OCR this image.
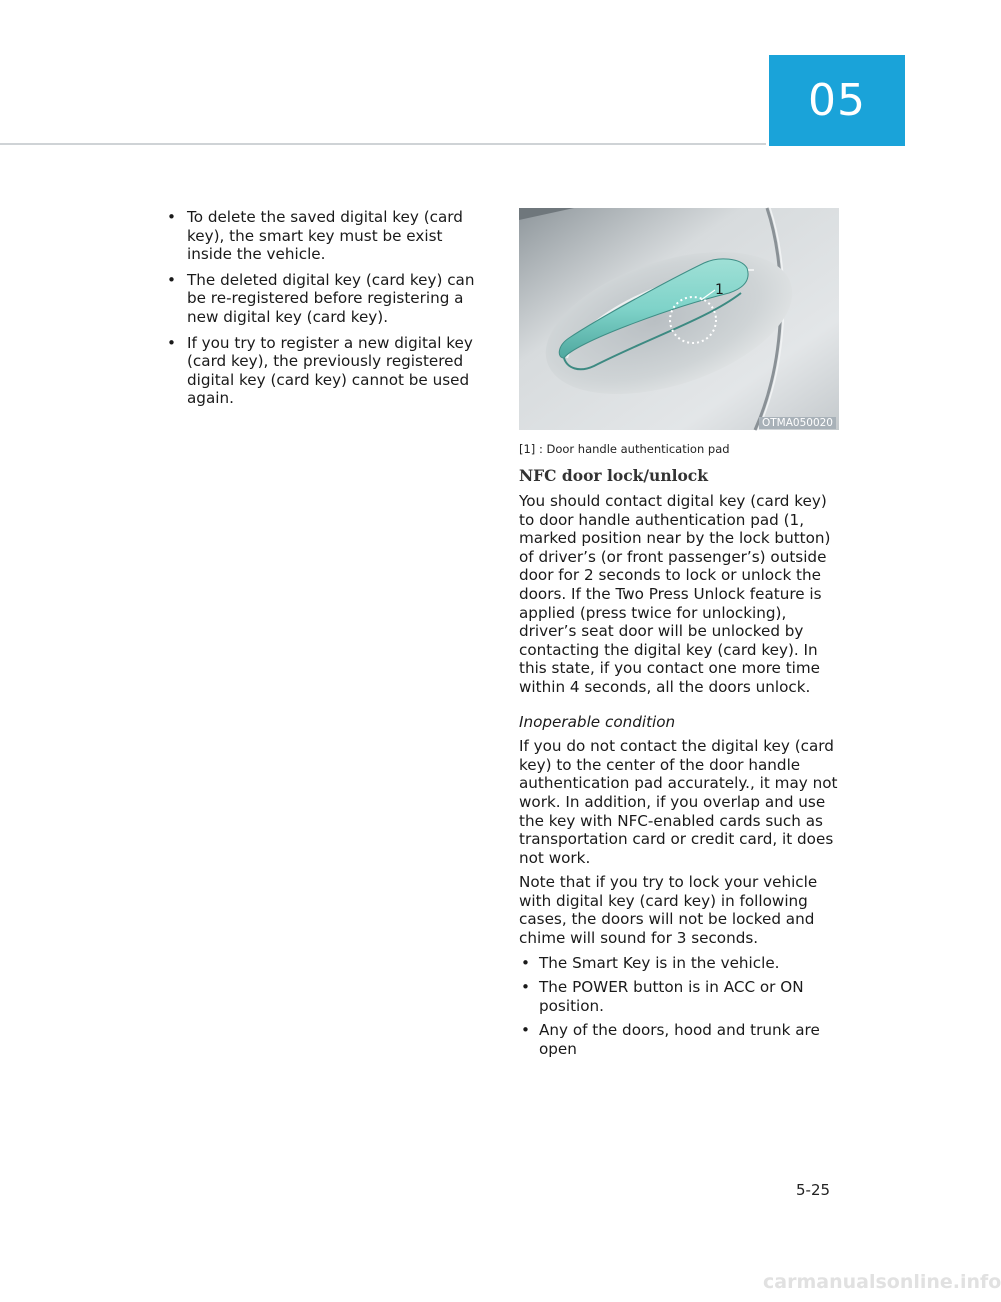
05
• To delete the saved digital key (card key), the smart key must be exist inside the vehicle.
• The deleted digital key (card key) can be re-registered before registering a new digital key (card key).
• If you try to register a new digital key (card key), the previously registered digital key (card key) cannot be used again.
1
OTMA050020
[1] : Door handle authentication pad
NFC door lock/unlock

You should contact digital key (card key) to door handle authentication pad (1, marked position near by the lock button) of driver’s (or front passenger’s) outside door for 2 seconds to lock or unlock the doors. If the Two Press Unlock feature is applied (press twice for unlocking), driver’s seat door will be unlocked by contacting the digital key (card key). In this state, if you contact one more time within 4 seconds, all the doors unlock.

Inoperable condition

If you do not contact the digital key (card key) to the center of the door handle authentication pad accurately., it may not work. In addition, if you overlap and use the key with NFC-enabled cards such as transportation card or credit card, it does not work.

Note that if you try to lock your vehicle with digital key (card key) in following cases, the doors will not be locked and chime will sound for 3 seconds.

• The Smart Key is in the vehicle.
• The POWER button is in ACC or ON position.
• Any of the doors, hood and trunk are open
5-25
carmanualsonline.info
